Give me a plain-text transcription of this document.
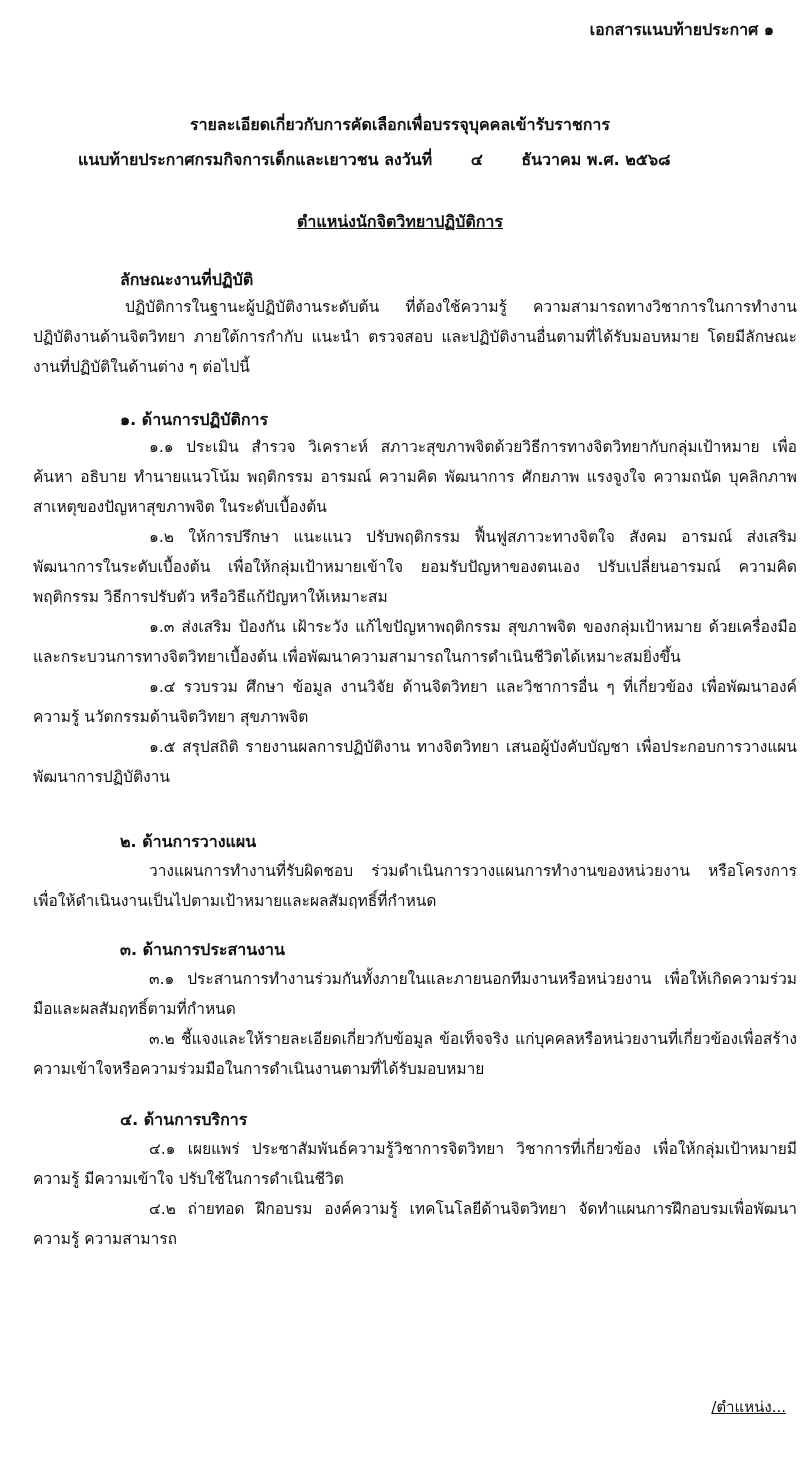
เอกสารแนบท้ายประกาศ ๑
รายละเอียดเกี่ยวกับการคัดเลือกเพื่อบรรจุบุคคลเข้ารับราชการ
แนบท้ายประกาศกรมกิจการเด็กและเยาวชน ลงวันที่ ๔ ธันวาคม พ.ศ. ๒๕๖๘
ตำแหน่งนักจิตวิทยาปฏิบัติการ
ลักษณะงานที่ปฏิบัติ
ปฏิบัติการในฐานะผู้ปฏิบัติงานระดับต้น ที่ต้องใช้ความรู้ ความสามารถทางวิชาการในการทำงาน ปฏิบัติงานด้านจิตวิทยา ภายใต้การกำกับ แนะนำ ตรวจสอบ และปฏิบัติงานอื่นตามที่ได้รับมอบหมาย โดยมีลักษณะงานที่ปฏิบัติในด้านต่าง ๆ ต่อไปนี้
๑. ด้านการปฏิบัติการ
๑.๑ ประเมิน สำรวจ วิเคราะห์ สภาวะสุขภาพจิตด้วยวิธีการทางจิตวิทยากับกลุ่มเป้าหมาย เพื่อค้นหา อธิบาย ทำนายแนวโน้ม พฤติกรรม อารมณ์ ความคิด พัฒนาการ ศักยภาพ แรงจูงใจ ความถนัด บุคลิกภาพ สาเหตุของปัญหาสุขภาพจิต ในระดับเบื้องต้น
๑.๒ ให้การปรึกษา แนะแนว ปรับพฤติกรรม ฟื้นฟูสภาวะทางจิตใจ สังคม อารมณ์ ส่งเสริมพัฒนาการในระดับเบื้องต้น เพื่อให้กลุ่มเป้าหมายเข้าใจ ยอมรับปัญหาของตนเอง ปรับเปลี่ยนอารมณ์ ความคิด พฤติกรรม วิธีการปรับตัว หรือวิธีแก้ปัญหาให้เหมาะสม
๑.๓ ส่งเสริม ป้องกัน เฝ้าระวัง แก้ไขปัญหาพฤติกรรม สุขภาพจิต ของกลุ่มเป้าหมาย ด้วยเครื่องมือและกระบวนการทางจิตวิทยาเบื้องต้น เพื่อพัฒนาความสามารถในการดำเนินชีวิตได้เหมาะสมยิ่งขึ้น
๑.๔ รวบรวม ศึกษา ข้อมูล งานวิจัย ด้านจิตวิทยา และวิชาการอื่น ๆ ที่เกี่ยวข้อง เพื่อพัฒนาองค์ความรู้ นวัตกรรมด้านจิตวิทยา สุขภาพจิต
๑.๕ สรุปสถิติ รายงานผลการปฏิบัติงาน ทางจิตวิทยา เสนอผู้บังคับบัญชา เพื่อประกอบการวางแผน พัฒนาการปฏิบัติงาน
๒. ด้านการวางแผน
วางแผนการทำงานที่รับผิดชอบ ร่วมดำเนินการวางแผนการทำงานของหน่วยงาน หรือโครงการ เพื่อให้ดำเนินงานเป็นไปตามเป้าหมายและผลสัมฤทธิ์ที่กำหนด
๓. ด้านการประสานงาน
๓.๑ ประสานการทำงานร่วมกันทั้งภายในและภายนอกทีมงานหรือหน่วยงาน เพื่อให้เกิดความร่วมมือและผลสัมฤทธิ์ตามที่กำหนด
๓.๒ ชี้แจงและให้รายละเอียดเกี่ยวกับข้อมูล ข้อเท็จจริง แก่บุคคลหรือหน่วยงานที่เกี่ยวข้องเพื่อสร้างความเข้าใจหรือความร่วมมือในการดำเนินงานตามที่ได้รับมอบหมาย
๔. ด้านการบริการ
๔.๑ เผยแพร่ ประชาสัมพันธ์ความรู้วิชาการจิตวิทยา วิชาการที่เกี่ยวข้อง เพื่อให้กลุ่มเป้าหมายมีความรู้ มีความเข้าใจ ปรับใช้ในการดำเนินชีวิต
๔.๒ ถ่ายทอด ฝึกอบรม องค์ความรู้ เทคโนโลยีด้านจิตวิทยา จัดทำแผนการฝึกอบรมเพื่อพัฒนาความรู้ ความสามารถ
/ตำแหน่ง...
